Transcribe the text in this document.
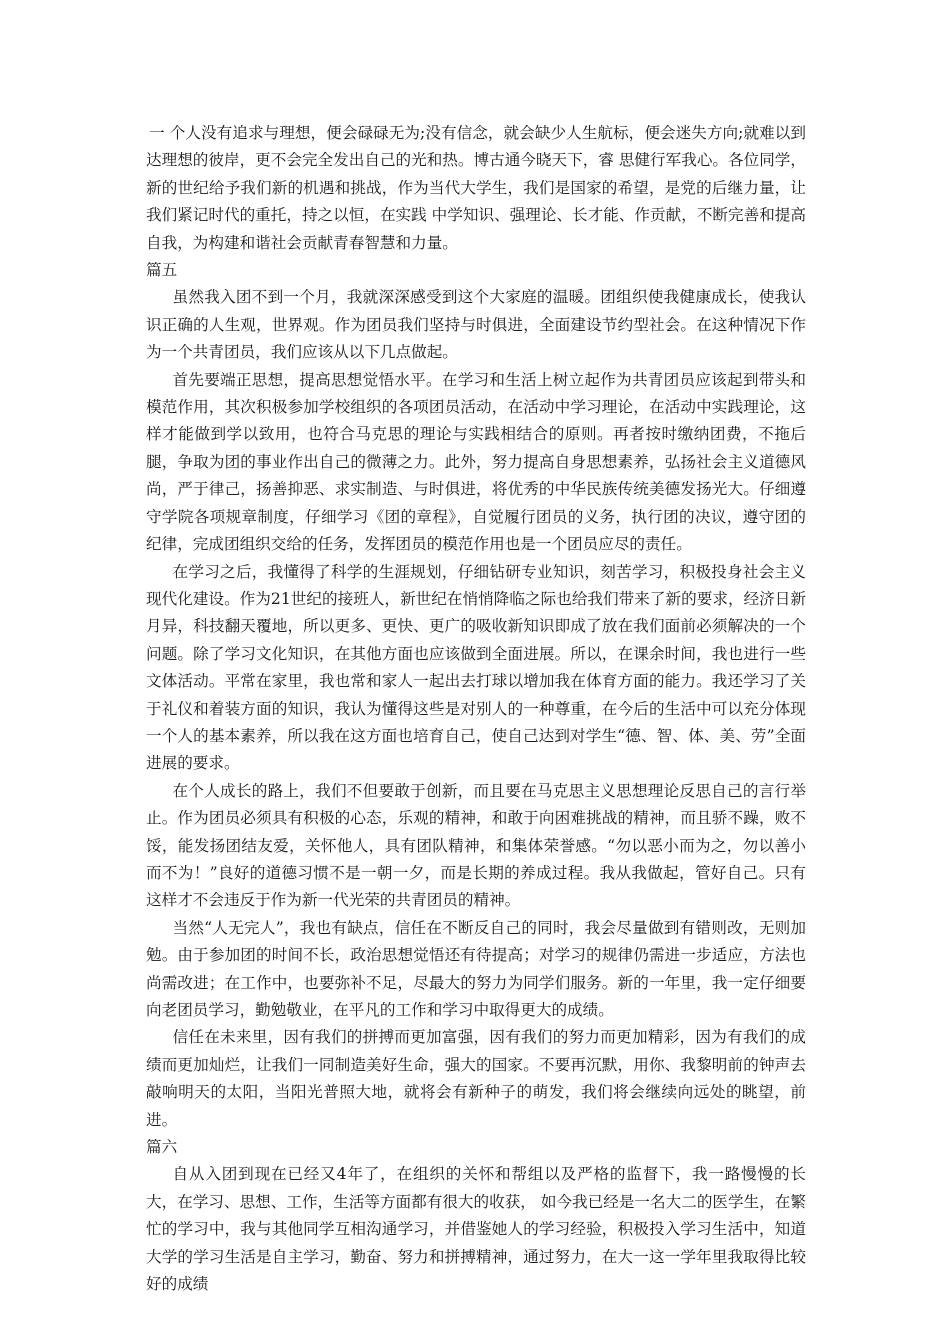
一 个人没有追求与理想，便会碌碌无为;没有信念，就会缺少人生航标，便会迷失方向;就难以到达理想的彼岸，更不会完全发出自己的光和热。博古通今晓天下，睿 思健行军我心。各位同学，新的世纪给予我们新的机遇和挑战，作为当代大学生，我们是国家的希望，是党的后继力量，让我们紧记时代的重托，持之以恒，在实践 中学知识、强理论、长才能、作贡献，不断完善和提高自我，为构建和谐社会贡献青春智慧和力量。

篇五

虽然我入团不到一个月，我就深深感受到这个大家庭的温暖。团组织使我健康成长，使我认识正确的人生观，世界观。作为团员我们坚持与时俱进，全面建设节约型社会。在这种情况下作为一个共青团员，我们应该从以下几点做起。

首先要端正思想，提高思想觉悟水平。在学习和生活上树立起作为共青团员应该起到带头和模范作用，其次积极参加学校组织的各项团员活动，在活动中学习理论，在活动中实践理论，这样才能做到学以致用，也符合马克思的理论与实践相结合的原则。再者按时缴纳团费，不拖后腿，争取为团的事业作出自己的微薄之力。此外，努力提高自身思想素养，弘扬社会主义道德风尚，严于律己，扬善抑恶、求实制造、与时俱进，将优秀的中华民族传统美德发扬光大。仔细遵守学院各项规章制度，仔细学习《团的章程》，自觉履行团员的义务，执行团的决议，遵守团的纪律，完成团组织交给的任务，发挥团员的模范作用也是一个团员应尽的责任。

在学习之后，我懂得了科学的生涯规划，仔细钻研专业知识，刻苦学习，积极投身社会主义现代化建设。作为21世纪的接班人，新世纪在悄悄降临之际也给我们带来了新的要求，经济日新月异，科技翻天覆地，所以更多、更快、更广的吸收新知识即成了放在我们面前必须解决的一个问题。除了学习文化知识，在其他方面也应该做到全面进展。所以，在课余时间，我也进行一些文体活动。平常在家里，我也常和家人一起出去打球以增加我在体育方面的能力。我还学习了关于礼仪和着装方面的知识，我认为懂得这些是对别人的一种尊重，在今后的生活中可以充分体现一个人的基本素养，所以我在这方面也培育自己，使自己达到对学生“德、智、体、美、劳”全面进展的要求。

在个人成长的路上，我们不但要敢于创新，而且要在马克思主义思想理论反思自己的言行举止。作为团员必须具有积极的心态，乐观的精神，和敢于向困难挑战的精神，而且骄不躁，败不馁，能发扬团结友爱，关怀他人，具有团队精神，和集体荣誉感。“勿以恶小而为之，勿以善小而不为！”良好的道德习惯不是一朝一夕，而是长期的养成过程。我从我做起，管好自己。只有这样才不会违反于作为新一代光荣的共青团员的精神。

当然“人无完人”，我也有缺点，信任在不断反自己的同时，我会尽量做到有错则改，无则加勉。由于参加团的时间不长，政治思想觉悟还有待提高；对学习的规律仍需进一步适应，方法也尚需改进；在工作中，也要弥补不足，尽最大的努力为同学们服务。新的一年里，我一定仔细要向老团员学习，勤勉敬业，在平凡的工作和学习中取得更大的成绩。

信任在未来里，因有我们的拼搏而更加富强，因有我们的努力而更加精彩，因为有我们的成绩而更加灿烂，让我们一同制造美好生命，强大的国家。不要再沉默，用你、我黎明前的钟声去敲响明天的太阳，当阳光普照大地，就将会有新种子的萌发，我们将会继续向远处的眺望，前进。

篇六

自从入团到现在已经又4年了，在组织的关怀和帮组以及严格的监督下，我一路慢慢的长大，在学习、思想、工作，生活等方面都有很大的收获， 如今我已经是一名大二的医学生，在繁忙的学习中，我与其他同学互相沟通学习，并借鉴她人的学习经验，积极投入学习生活中，知道大学的学习生活是自主学习，勤奋、努力和拼搏精神，通过努力，在大一这一学年里我取得比较好的成绩
